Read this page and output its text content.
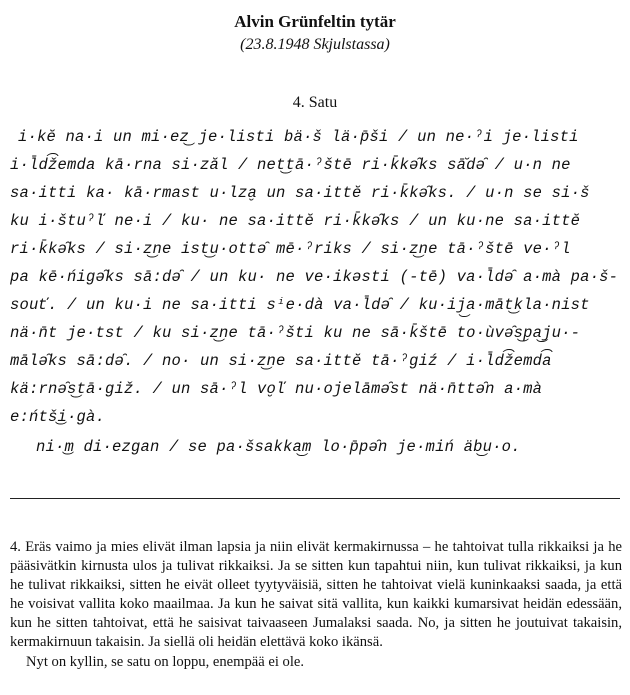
Alvin Grünfeltin tytär
(23.8.1948 Skjulstassa)
4. Satu
i·kĕ na·i un mi·ez͜ je·listi bä·š lä·p̄ši / un ne·ˀi je·listi
i·l̄d͡žemda kā·rna si·zăl / net͜tā·ˀštē ri·k̄kə̑ks sā̆də̑ / u·n ne
sa·itti ka· kā·rmast u·lza̮ un sa·ittĕ ri·k̄kə̑ks. / u·n se si·š
ku i·štuˀľ ne·i / ku· ne sa·ittĕ ri·k̄kə̑ks / un ku·ne sa·ittĕ
ri·k̄kə̑ks / si·z͜ne ist͜u·ottə̑ mē·ˀriks / si·z͜ne tā·ˀštē ve·ˀl
pa kē·ńigə̑ks sā:də̑ / un ku· ne ve·ikəsti (-tē) va·l̄də̑ a·mà pa·š-
souť. / un ku·i ne sa·itti sⁱe·dà va·l̄də̑ / ku·ij͜a·māt͜kla·nist
nä·n̄t je·tst / ku si·z͜ne tā·ˀšti ku ne sā·k̄štē to·ùvə̑s͜pa͜ju·-
mālə̑ks sā:də̑. / no· un si·z͜ne sa·ittĕ tā·ˀgiź / i·l̄d͡žemd͡a
kä:rnə̑s͜tā·giž. / un sā·ˀl vo̮ľ nu·ojelāmə̑st nä·n̄ttə̑n a·mà
e:ńtš͜i·gà.
ni·͜m di·ezgan / se pa·šsakka͜m lo·p̄pə̑n je·miń äb͜u·o.

4. Eräs vaimo ja mies elivät ilman lapsia ja niin elivät kermakirnussa – he tahtoivat tulla rikkaiksi ja he pääsivätkin kirnusta ulos ja tulivat rikkaiksi. Ja se sitten kun tapahtui niin, kun tulivat rikkaiksi, ja kun he tulivat rikkaiksi, sitten he eivät olleet tyytyväisiä, sitten he tahtoivat vielä kuninkaaksi saada, ja että he voisivat vallita koko maailmaa. Ja kun he saivat sitä vallita, kun kaikki kumarsivat heidän edessään, kun he sitten tahtoivat, että he saisivat taivaaseen Jumalaksi saada. No, ja sitten he joutuivat takaisin, kermakirnuun takaisin. Ja siellä oli heidän elettävä koko ikänsä.

Nyt on kyllin, se satu on loppu, enempää ei ole.
